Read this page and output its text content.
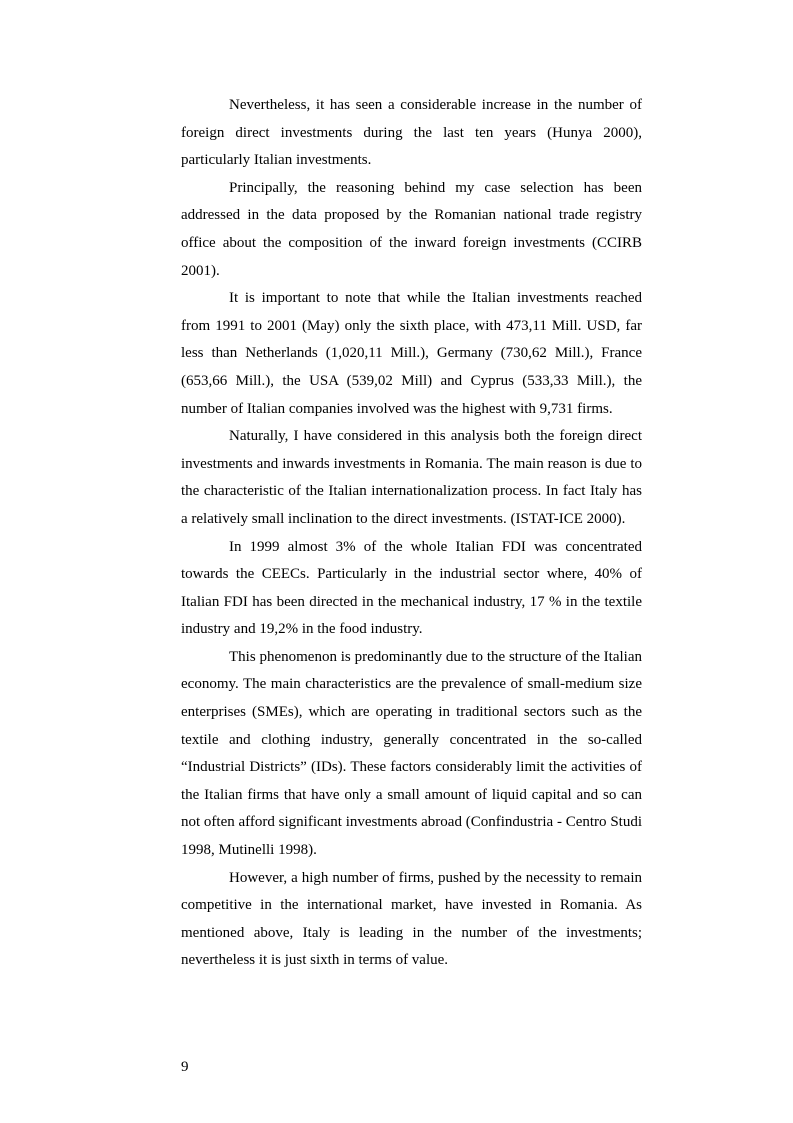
Nevertheless, it has seen a considerable increase in the number of foreign direct investments during the last ten years (Hunya 2000), particularly Italian investments.

Principally, the reasoning behind my case selection has been addressed in the data proposed by the Romanian national trade registry office about the composition of the inward foreign investments (CCIRB 2001).

It is important to note that while the Italian investments reached from 1991 to 2001 (May) only the sixth place, with 473,11 Mill. USD, far less than Netherlands (1,020,11 Mill.), Germany (730,62 Mill.), France (653,66 Mill.), the USA (539,02 Mill) and Cyprus (533,33 Mill.), the number of Italian companies involved was the highest with 9,731 firms.

Naturally, I have considered in this analysis both the foreign direct investments and inwards investments in Romania. The main reason is due to the characteristic of the Italian internationalization process. In fact Italy has a relatively small inclination to the direct investments. (ISTAT-ICE 2000).

In 1999 almost 3% of the whole Italian FDI was concentrated towards the CEECs. Particularly in the industrial sector where, 40% of Italian FDI has been directed in the mechanical industry, 17 % in the textile industry and 19,2% in the food industry.

This phenomenon is predominantly due to the structure of the Italian economy. The main characteristics are the prevalence of small-medium size enterprises (SMEs), which are operating in traditional sectors such as the textile and clothing industry, generally concentrated in the so-called “Industrial Districts” (IDs). These factors considerably limit the activities of the Italian firms that have only a small amount of liquid capital and so can not often afford significant investments abroad (Confindustria - Centro Studi 1998, Mutinelli 1998).

However, a high number of firms, pushed by the necessity to remain competitive in the international market, have invested in Romania. As mentioned above, Italy is leading in the number of the investments; nevertheless it is just sixth in terms of value.

9
